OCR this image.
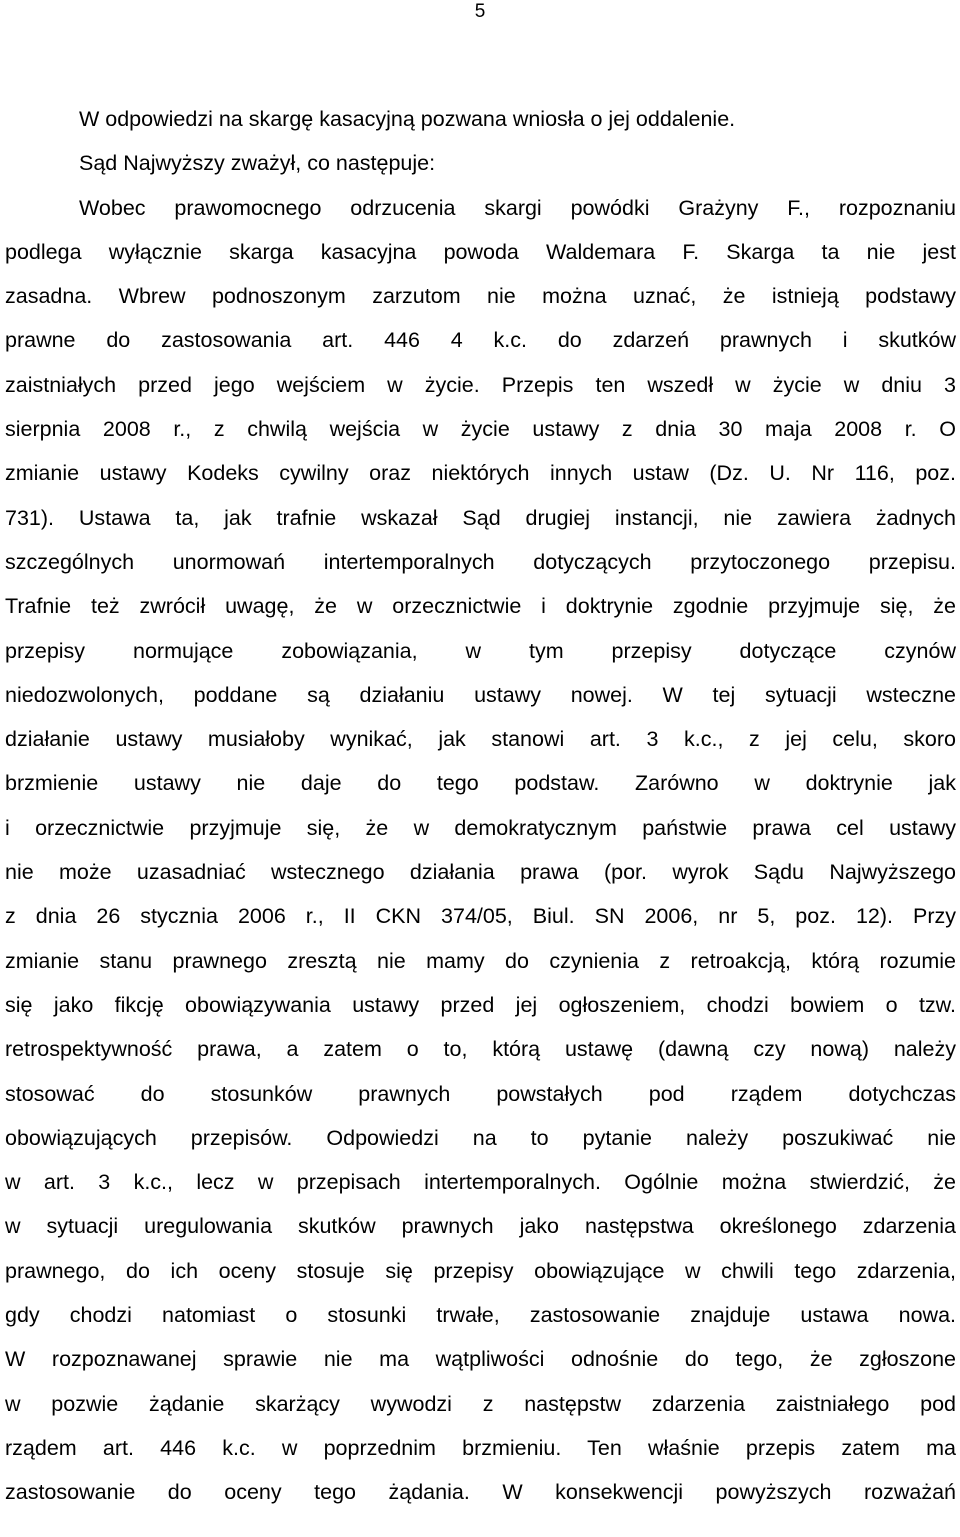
5
W odpowiedzi na skargę kasacyjną pozwana wniosła o jej oddalenie.
Sąd Najwyższy zważył, co następuje:
Wobec prawomocnego odrzucenia skargi powódki Grażyny F., rozpoznaniu
podlega wyłącznie skarga kasacyjna powoda Waldemara F. Skarga ta nie jest
zasadna. Wbrew podnoszonym zarzutom nie można uznać, że istnieją podstawy
prawne do zastosowania art. 446 4 k.c. do zdarzeń prawnych i skutków
zaistniałych przed jego wejściem w życie. Przepis ten wszedł w życie w dniu 3
sierpnia 2008 r., z chwilą wejścia w życie ustawy z dnia 30 maja 2008 r. O
zmianie ustawy Kodeks cywilny oraz niektórych innych ustaw (Dz. U. Nr 116, poz.
731). Ustawa ta, jak trafnie wskazał Sąd drugiej instancji, nie zawiera żadnych
szczególnych unormowań intertemporalnych dotyczących przytoczonego przepisu.
Trafnie też zwrócił uwagę, że w orzecznictwie i doktrynie zgodnie przyjmuje się, że
przepisy normujące zobowiązania, w tym przepisy dotyczące czynów
niedozwolonych, poddane są działaniu ustawy nowej. W tej sytuacji wsteczne
działanie ustawy musiałoby wynikać, jak stanowi art. 3 k.c., z jej celu, skoro
brzmienie ustawy nie daje do tego podstaw. Zarówno w doktrynie jak
i orzecznictwie przyjmuje się, że w demokratycznym państwie prawa cel ustawy
nie może uzasadniać wstecznego działania prawa (por. wyrok Sądu Najwyższego
z dnia 26 stycznia 2006 r., II CKN 374/05, Biul. SN 2006, nr 5, poz. 12). Przy
zmianie stanu prawnego zresztą nie mamy do czynienia z retroakcją, którą rozumie
się jako fikcję obowiązywania ustawy przed jej ogłoszeniem, chodzi bowiem o tzw.
retrospektywność prawa, a zatem o to, którą ustawę (dawną czy nową) należy
stosować do stosunków prawnych powstałych pod rządem dotychczas
obowiązujących przepisów. Odpowiedzi na to pytanie należy poszukiwać nie
w art. 3 k.c., lecz w przepisach intertemporalnych. Ogólnie można stwierdzić, że
w sytuacji uregulowania skutków prawnych jako następstwa określonego zdarzenia
prawnego, do ich oceny stosuje się przepisy obowiązujące w chwili tego zdarzenia,
gdy chodzi natomiast o stosunki trwałe, zastosowanie znajduje ustawa nowa.
W rozpoznawanej sprawie nie ma wątpliwości odnośnie do tego, że zgłoszone
w pozwie żądanie skarżący wywodzi z następstw zdarzenia zaistniałego pod
rządem art. 446 k.c. w poprzednim brzmieniu. Ten właśnie przepis zatem ma
zastosowanie do oceny tego żądania. W konsekwencji powyższych rozważań
